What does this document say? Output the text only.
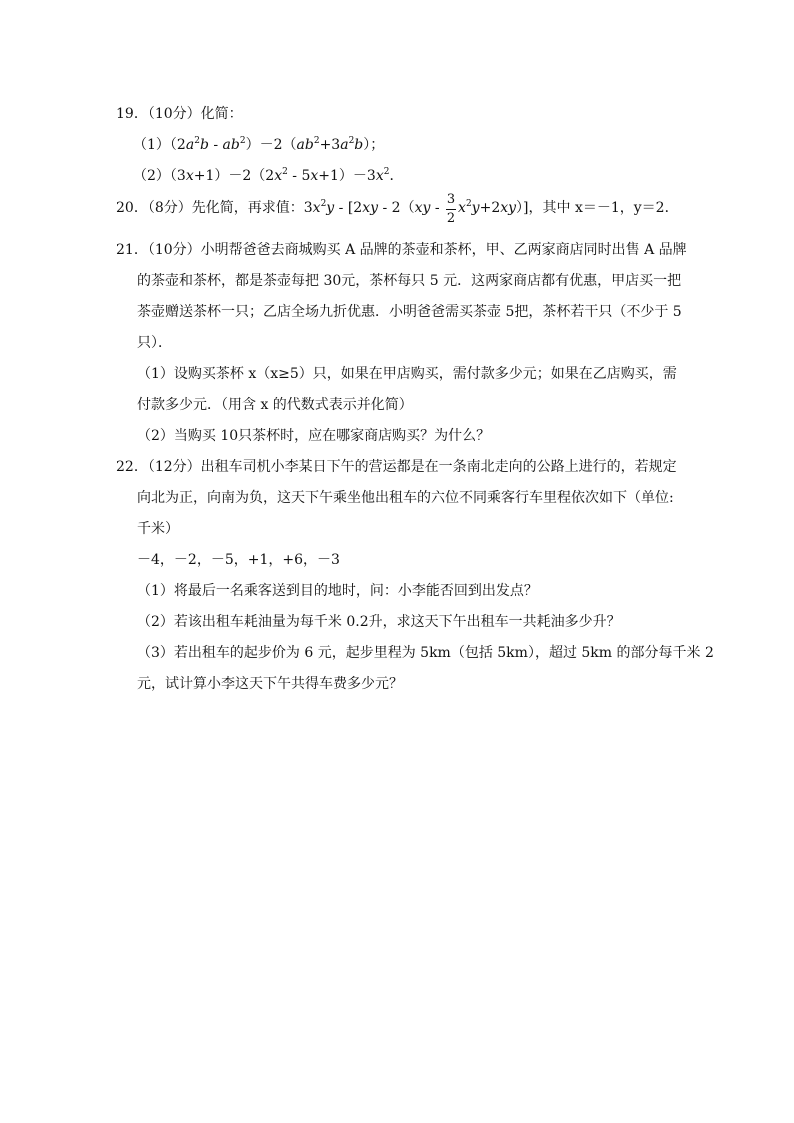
19．（10分）化简：
$(1)(2a^2b - ab^2)-2(ab^2+3a^2b)$；
$(2)(3x+1)-2(2x^2 - 5x+1)-3x^2$．
20．（8分）先化简，再求值：$3x^2y - [2xy - 2(xy - \frac{3}{2} x^2y+2xy)]$，其中 x＝－1，y＝2．
21．（10分）小明帮爸爸去商城购买 A 品牌的茶壶和茶杯，甲、乙两家商店同时出售 A 品牌
的茶壶和茶杯，都是茶壶每把 30元，茶杯每只 5 元．这两家商店都有优惠，甲店买一把
茶壶赠送茶杯一只；乙店全场九折优惠．小明爸爸需买茶壶 5把，茶杯若干只（不少于 5
只）．
（1）设购买茶杯 x（x≥5）只，如果在甲店购买，需付款多少元；如果在乙店购买，需
付款多少元．（用含 x 的代数式表示并化简）
（2）当购买 10只茶杯时，应在哪家商店购买？为什么？
22．（12分）出租车司机小李某日下午的营运都是在一条南北走向的公路上进行的，若规定
向北为正，向南为负，这天下午乘坐他出租车的六位不同乘客行车里程依次如下（单位:
千米）
－4，－2，－5，+1，+6，－3
（1）将最后一名乘客送到目的地时，问：小李能否回到出发点？
（2）若该出租车耗油量为每千米 0.2升，求这天下午出租车一共耗油多少升？
（3）若出租车的起步价为 6 元，起步里程为 5km（包括 5km），超过 5km 的部分每千米 2
元，试计算小李这天下午共得车费多少元？
